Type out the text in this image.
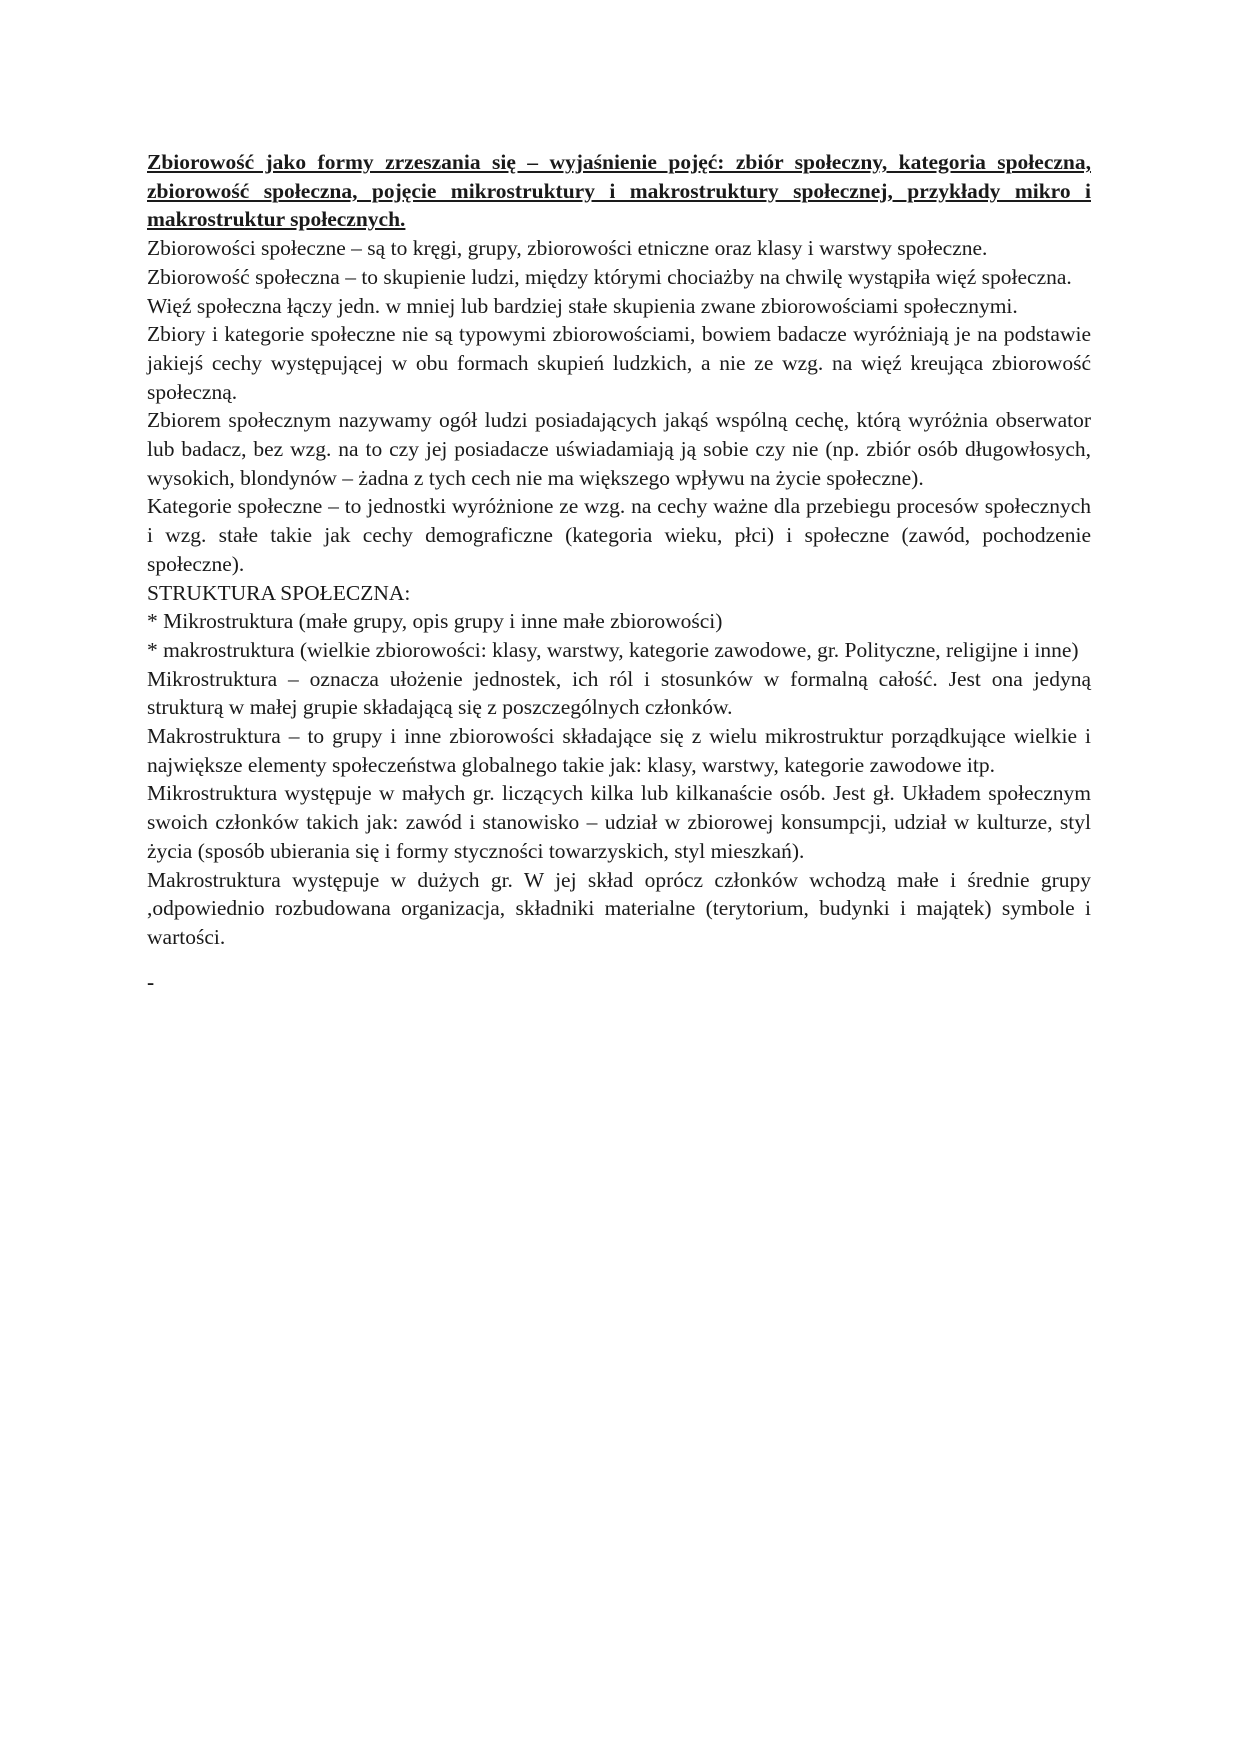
Zbiorowość jako formy zrzeszania się – wyjaśnienie pojęć: zbiór społeczny, kategoria społeczna, zbiorowość społeczna, pojęcie mikrostruktury i makrostruktury społecznej, przykłady mikro i makrostruktur społecznych.

Zbiorowości społeczne – są to kręgi, grupy, zbiorowości etniczne oraz klasy i warstwy społeczne.

Zbiorowość społeczna – to skupienie ludzi, między którymi chociażby na chwilę wystąpiła więź społeczna.

Więź społeczna łączy jedn. w mniej lub bardziej stałe skupienia zwane zbiorowościami społecznymi.

Zbiory i kategorie społeczne nie są typowymi zbiorowościami, bowiem badacze wyróżniają je na podstawie jakiejś cechy występującej w obu formach skupień ludzkich, a nie ze wzg. na więź kreująca zbiorowość społeczną.

Zbiorem społecznym nazywamy ogół ludzi posiadających jakąś wspólną cechę, którą wyróżnia obserwator lub badacz, bez wzg. na to czy jej posiadacze uświadamiają ją sobie czy nie (np. zbiór osób długowłosych, wysokich, blondynów – żadna z tych cech nie ma większego wpływu na życie społeczne).

Kategorie społeczne – to jednostki wyróżnione ze wzg. na cechy ważne dla przebiegu procesów społecznych i wzg. stałe takie jak cechy demograficzne (kategoria wieku, płci) i społeczne (zawód, pochodzenie społeczne).

STRUKTURA SPOŁECZNA:

* Mikrostruktura (małe grupy, opis grupy i inne małe zbiorowości)

* makrostruktura (wielkie zbiorowości: klasy, warstwy, kategorie zawodowe, gr. Polityczne, religijne i inne)

Mikrostruktura – oznacza ułożenie jednostek, ich ról i stosunków w formalną całość. Jest ona jedyną strukturą w małej grupie składającą się z poszczególnych członków.

Makrostruktura – to grupy i inne zbiorowości składające się z wielu mikrostruktur porządkujące wielkie i największe elementy społeczeństwa globalnego takie jak: klasy, warstwy, kategorie zawodowe itp.

Mikrostruktura występuje w małych gr. liczących kilka lub kilkanaście osób. Jest gł. Układem społecznym swoich członków takich jak: zawód i stanowisko – udział w zbiorowej konsumpcji, udział w kulturze, styl życia (sposób ubierania się i formy styczności towarzyskich, styl mieszkań).

Makrostruktura występuje w dużych gr. W jej skład oprócz członków wchodzą małe i średnie grupy ,odpowiednio rozbudowana organizacja, składniki materialne (terytorium, budynki i majątek) symbole i wartości.

-
